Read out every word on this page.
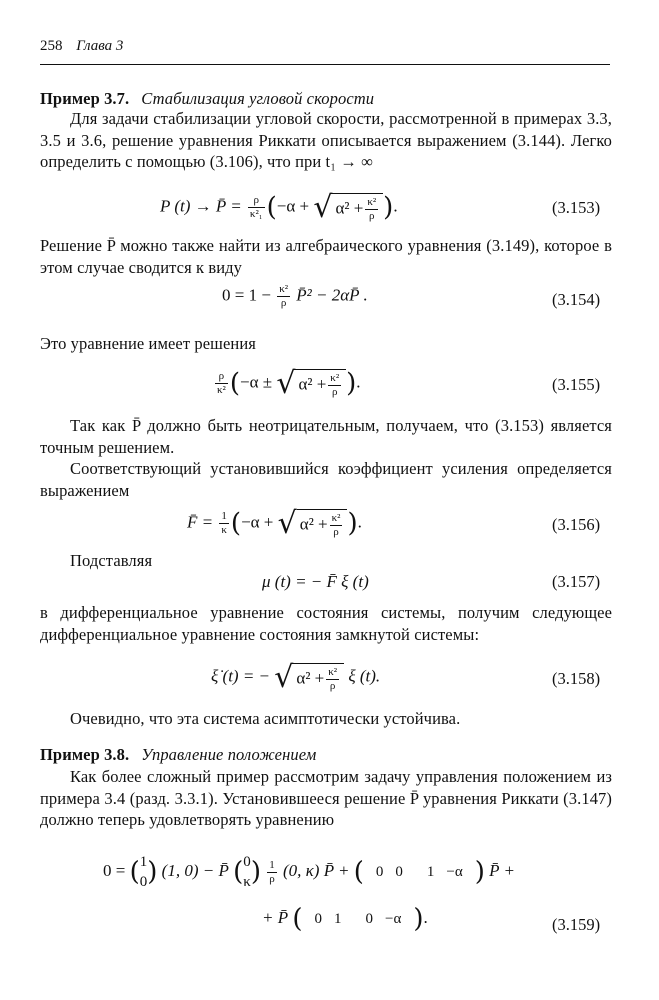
258 Глава 3
Пример 3.7. Стабилизация угловой скорости
Для задачи стабилизации угловой скорости, рассмотренной в примерах 3.3, 3.5 и 3.6, решение уравнения Риккати описывается выражением (3.144). Легко определить с помощью (3.106), что при t₁ → ∞
P (t) → P̄ = $\frac{\rho}{\text{κ²₁}} (-\alpha$ + √ $\alpha^2 + \frac{\text{κ²}}{\rho}$ ).	(3.153)
Решение P̄ можно также найти из алгебраического уравнения (3.149), которое в этом случае сводится к виду
$0 = 1 - \frac{\text{κ²}}{\rho}$ P̄² − 2αP̄ .	(3.154)
Это уравнение имеет решения
$\frac{\rho}{\text{κ²}} (-\alpha$ ± √ $\alpha^2 + \frac{\text{κ²}}{\rho}$ ).	(3.155)
Так как P̄ должно быть неотрицательным, получаем, что (3.153) является точным решением.
Соответствующий установившийся коэффициент усиления определяется выражением
F̄ = $\frac{1}{\kappa} (-\alpha$ + √ $\alpha^2 + \frac{\text{κ²}}{\rho}$ ).	(3.156)
Подставляя
μ (t) = − F̄ ξ (t)	(3.157)
в дифференциальное уравнение состояния системы, получим следующее дифференциальное уравнение состояния замкнутой системы:
ξ̇ (t) = − √ $\alpha^2 + \frac{\text{κ²}}{\rho}$ ξ (t).	(3.158)
Очевидно, что эта система асимптотически устойчива.
Пример 3.8. Управление положением
Как более сложный пример рассмотрим задачу управления положением из примера 3.4 (разд. 3.3.1). Установившееся решение P̄ уравнения Риккати (3.147) должно теперь удовлетворять уравнению
0 = ( 1
0 ) (1, 0) − P̄ ( 0
κ ) $\frac{1}{\rho} (0$, κ) P̄ + ( 0	0	1	−α ) P̄ +
+ P̄ ( 0	1	0	−α ).	(3.159)
